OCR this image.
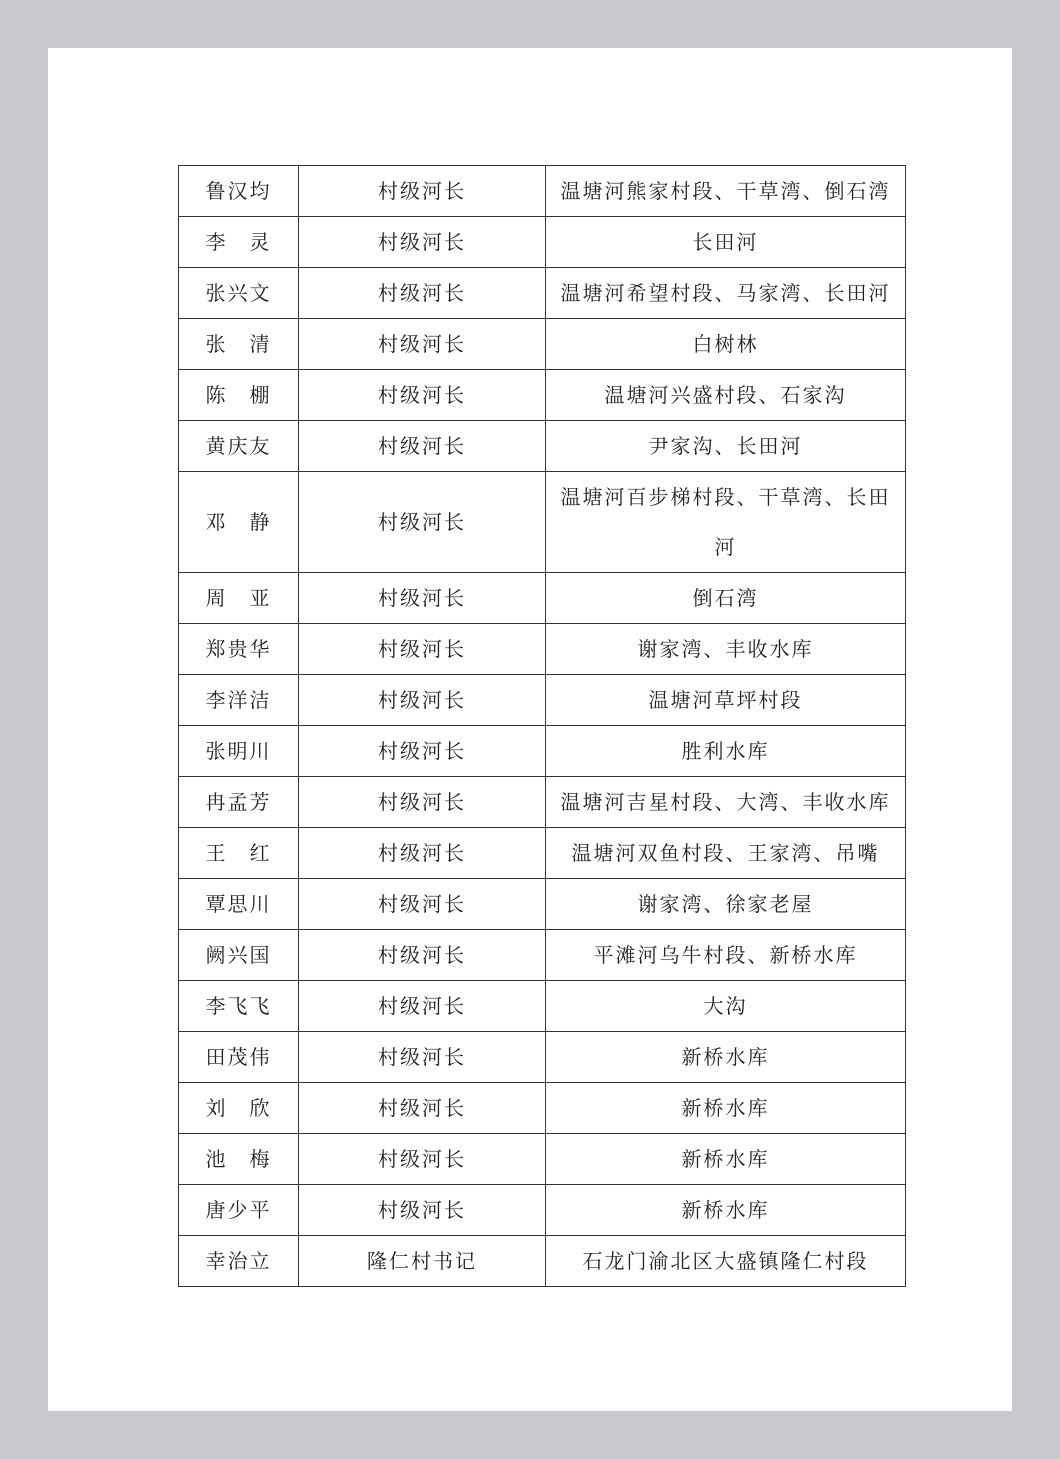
鲁汉均	村级河长	温塘河熊家村段、干草湾、倒石湾
李　灵	村级河长	长田河
张兴文	村级河长	温塘河希望村段、马家湾、长田河
张　清	村级河长	白树林
陈　棚	村级河长	温塘河兴盛村段、石家沟
黄庆友	村级河长	尹家沟、长田河
邓　静	村级河长	温塘河百步梯村段、干草湾、长田河
周　亚	村级河长	倒石湾
郑贵华	村级河长	谢家湾、丰收水库
李洋洁	村级河长	温塘河草坪村段
张明川	村级河长	胜利水库
冉孟芳	村级河长	温塘河吉星村段、大湾、丰收水库
王　红	村级河长	温塘河双鱼村段、王家湾、吊嘴
覃思川	村级河长	谢家湾、徐家老屋
阙兴国	村级河长	平滩河乌牛村段、新桥水库
李飞飞	村级河长	大沟
田茂伟	村级河长	新桥水库
刘　欣	村级河长	新桥水库
池　梅	村级河长	新桥水库
唐少平	村级河长	新桥水库
幸治立	隆仁村书记	石龙门渝北区大盛镇隆仁村段
